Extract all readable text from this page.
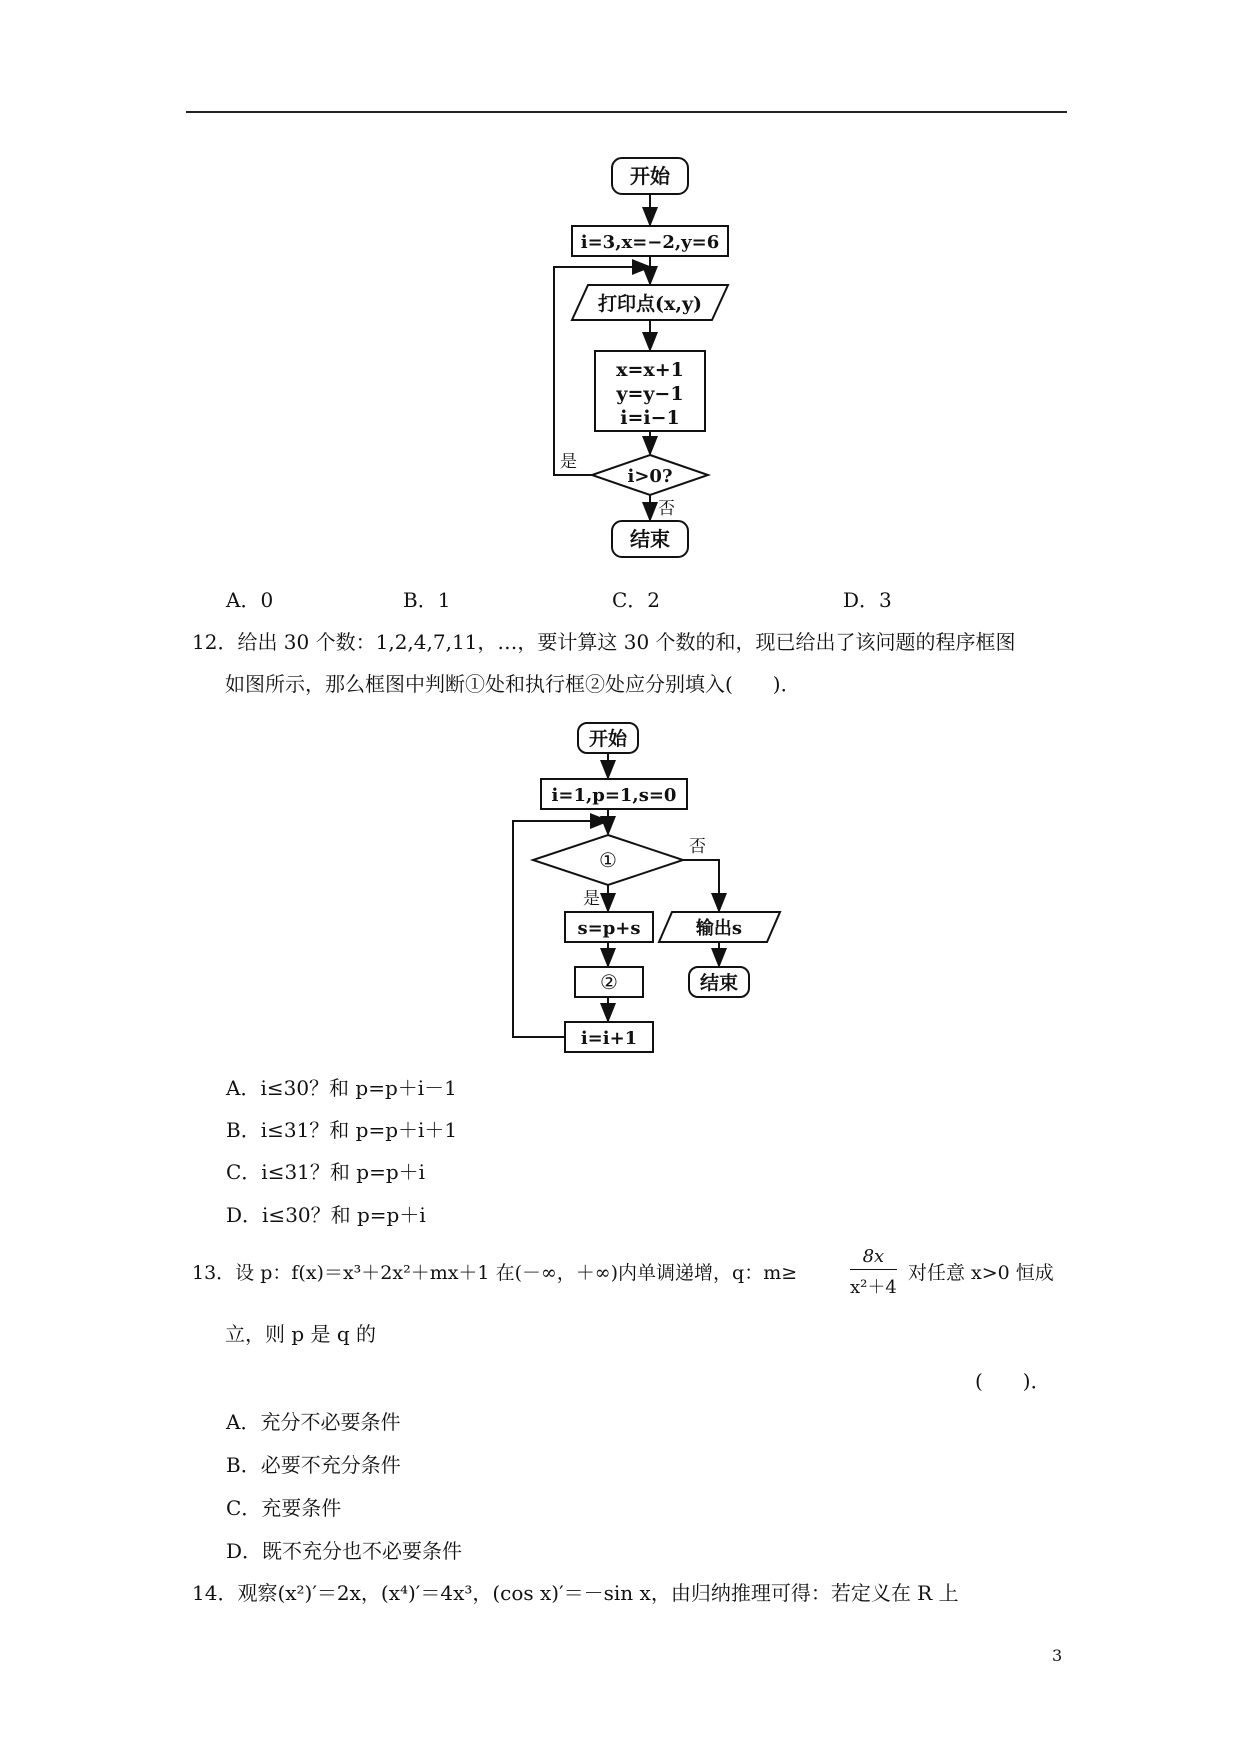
开始
i=3,x=−2,y=6
打印点(x,y)
x=x+1
y=y−1
i=i−1
i>0?
结束
是
否
A．0	B．1	C．2	D．3
12．给出 30 个数：1,2,4,7,11，…，要计算这 30 个数的和，现已给出了该问题的程序框图
如图所示，那么框图中判断①处和执行框②处应分别填入(　　)．
开始
i=1,p=1,s=0
①
s=p+s
②
i=i+1
输出s
结束
否
是
A．i≤30？和 p=p＋i－1
B．i≤31？和 p=p＋i＋1
C．i≤31？和 p=p＋i
D．i≤30？和 p=p＋i
13．设 p：f(x)＝x³＋2x²＋mx＋1 在(－∞，＋∞)内单调递增，q：m≥	$\frac{8x}{\text{x²＋4}}$ 对任意 x>0 恒成
立，则 p 是 q 的
(　　)．
A．充分不必要条件
B．必要不充分条件
C．充要条件
D．既不充分也不必要条件
14．观察(x²)′＝2x，(x⁴)′＝4x³，(cos x)′＝－sin x，由归纳推理可得：若定义在 R 上
3
